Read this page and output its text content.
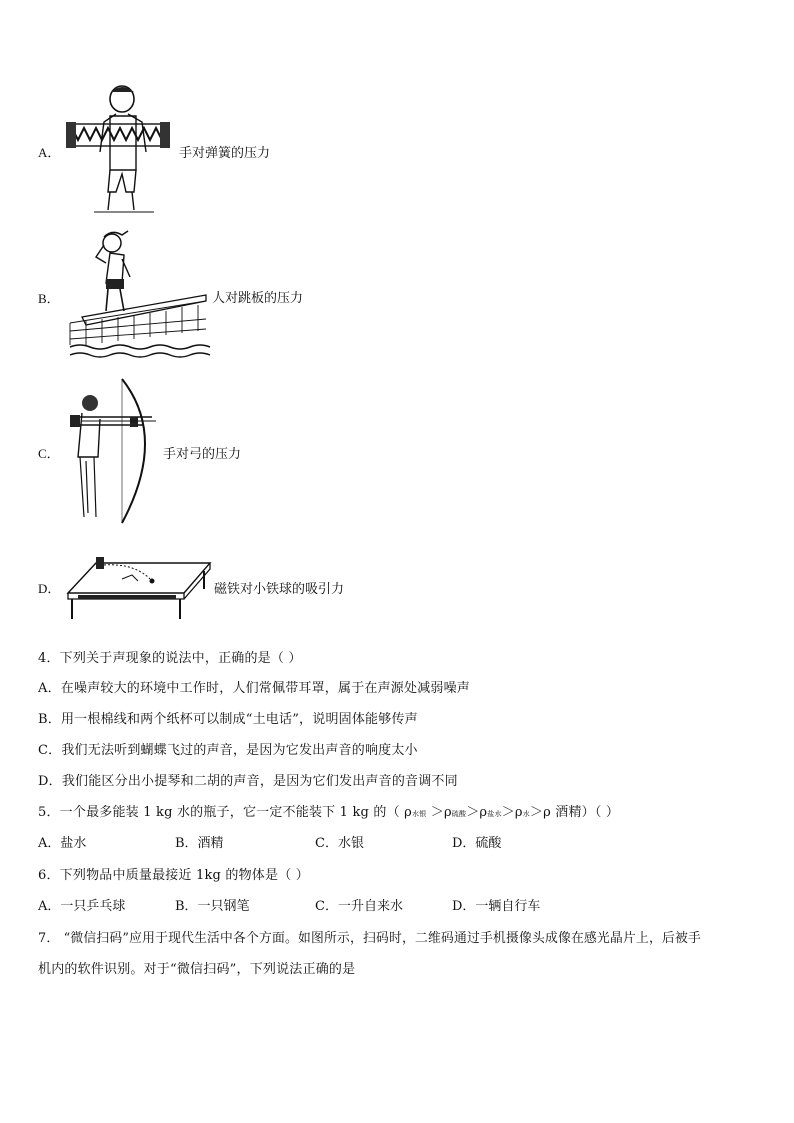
A．	手对弹簧的压力
B．	人对跳板的压力
C．	手对弓的压力
D．	磁铁对小铁球的吸引力
4．下列关于声现象的说法中，正确的是（ ）
A．在噪声较大的环境中工作时，人们常佩带耳罩，属于在声源处减弱噪声
B．用一根棉线和两个纸杯可以制成“土电话”，说明固体能够传声
C．我们无法听到蝴蝶飞过的声音，是因为它发出声音的响度太小
D．我们能区分出小提琴和二胡的声音，是因为它们发出声音的音调不同
5．一个最多能装 1 kg 水的瓶子，它一定不能装下 1 kg 的（ ρ水银 ＞ρ硫酸＞ρ盐水＞ρ水＞ρ 酒精）（ ）
A．盐水	B．酒精	C．水银	D．硫酸
6．下列物品中质量最接近 1kg 的物体是（ ）
A．一只乒乓球	B．一只钢笔	C．一升自来水	D．一辆自行车
7． “微信扫码”应用于现代生活中各个方面。如图所示，扫码时，二维码通过手机摄像头成像在感光晶片上，后被手
机内的软件识别。对于“微信扫码”，下列说法正确的是
